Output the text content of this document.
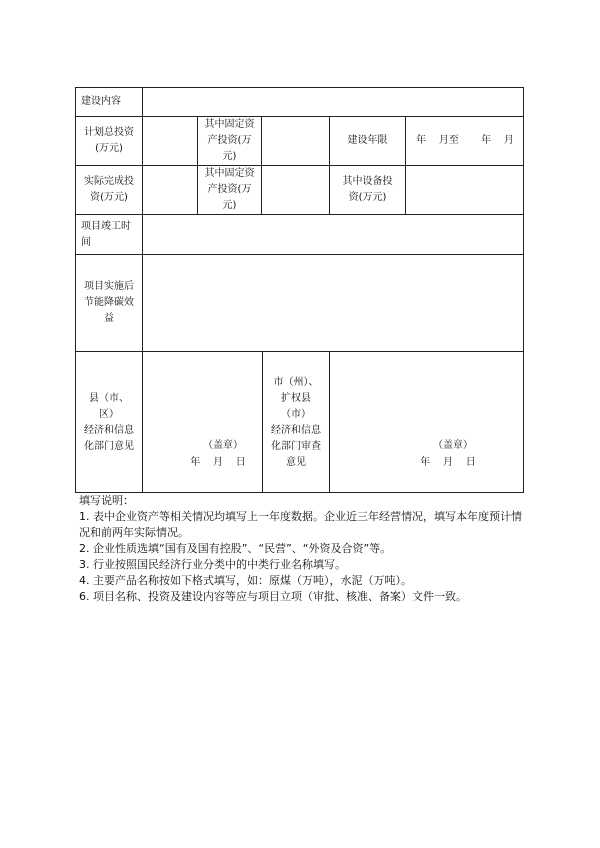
建设内容
计划总投资
(万元)
其中固定资
产投资(万
元)
建设年限	年    月至       年    月
实际完成投
资(万元)
其中固定资
产投资(万
元)
其中设备投
资(万元)
项目竣工时
间
项目实施后
节能降碳效
益
县（市、区）
经济和信息
化部门意见
市（州）、
扩权县（市）
经济和信息
化部门审查
意见
（盖章）
年    月    日
（盖章）
年    月    日

填写说明：

1. 表中企业资产等相关情况均填写上一年度数据。企业近三年经营情况，填写本年度预计情况和前两年实际情况。

2. 企业性质选填“国有及国有控股”、“民营”、“外资及合资”等。

3. 行业按照国民经济行业分类中的中类行业名称填写。

4. 主要产品名称按如下格式填写，如：原煤（万吨），水泥（万吨）。

6. 项目名称、投资及建设内容等应与项目立项（审批、核准、备案）文件一致。
